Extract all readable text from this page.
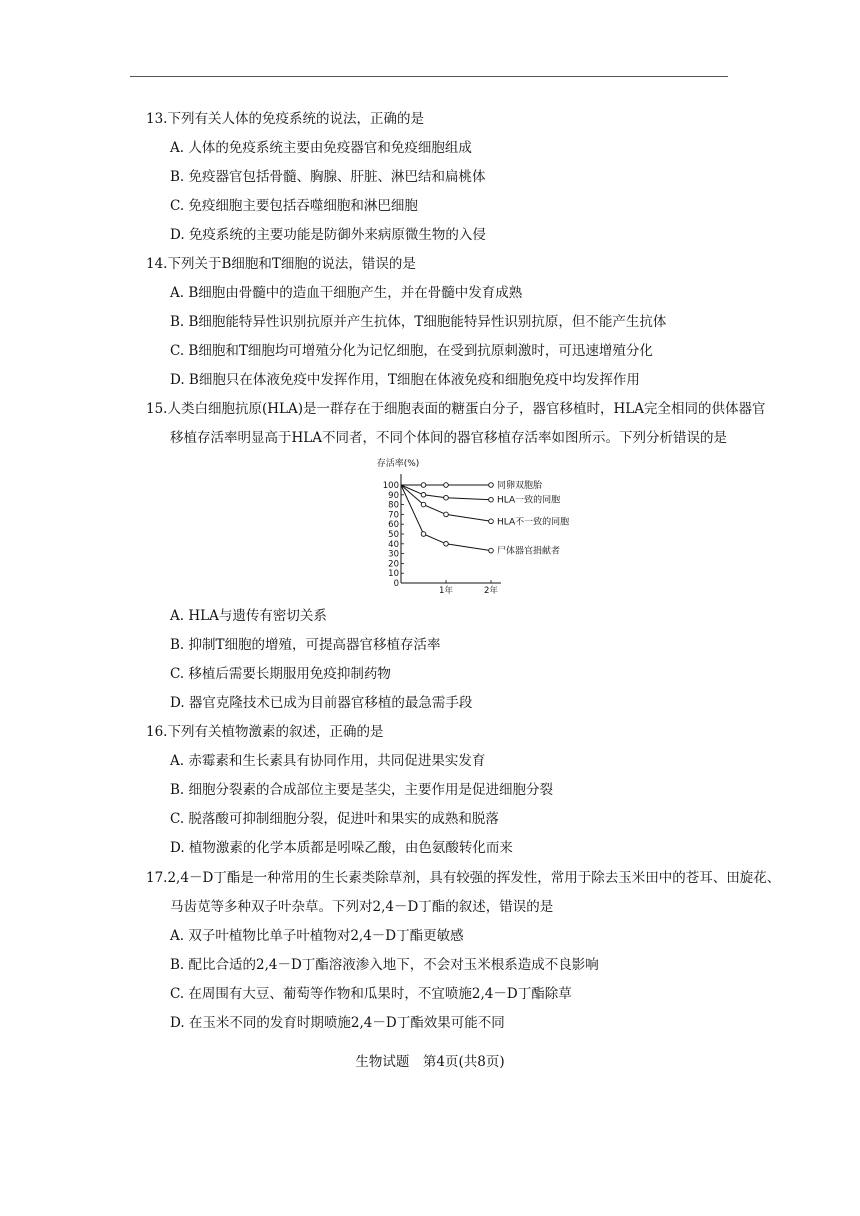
13.下列有关人体的免疫系统的说法，正确的是
A. 人体的免疫系统主要由免疫器官和免疫细胞组成
B. 免疫器官包括骨髓、胸腺、肝脏、淋巴结和扁桃体
C. 免疫细胞主要包括吞噬细胞和淋巴细胞
D. 免疫系统的主要功能是防御外来病原微生物的入侵
14.下列关于B细胞和T细胞的说法，错误的是
A. B细胞由骨髓中的造血干细胞产生，并在骨髓中发育成熟
B. B细胞能特异性识别抗原并产生抗体，T细胞能特异性识别抗原，但不能产生抗体
C. B细胞和T细胞均可增殖分化为记忆细胞，在受到抗原刺激时，可迅速增殖分化
D. B细胞只在体液免疫中发挥作用，T细胞在体液免疫和细胞免疫中均发挥作用
15.人类白细胞抗原(HLA)是一群存在于细胞表面的糖蛋白分子，器官移植时，HLA完全相同的供体器官
移植存活率明显高于HLA不同者，不同个体间的器官移植存活率如图所示。下列分析错误的是
存活率(%)
100
90
80
70
60
50
40
30
20
10
0
1年	2年
同卵双胞胎
HLA一致的同胞
HLA不一致的同胞
尸体器官捐献者
A. HLA与遗传有密切关系
B. 抑制T细胞的增殖，可提高器官移植存活率
C. 移植后需要长期服用免疫抑制药物
D. 器官克隆技术已成为目前器官移植的最急需手段
16.下列有关植物激素的叙述，正确的是
A. 赤霉素和生长素具有协同作用，共同促进果实发育
B. 细胞分裂素的合成部位主要是茎尖，主要作用是促进细胞分裂
C. 脱落酸可抑制细胞分裂，促进叶和果实的成熟和脱落
D. 植物激素的化学本质都是吲哚乙酸，由色氨酸转化而来
17.2,4－D丁酯是一种常用的生长素类除草剂，具有较强的挥发性，常用于除去玉米田中的苍耳、田旋花、
马齿苋等多种双子叶杂草。下列对2,4－D丁酯的叙述，错误的是
A. 双子叶植物比单子叶植物对2,4－D丁酯更敏感
B. 配比合适的2,4－D丁酯溶液渗入地下，不会对玉米根系造成不良影响
C. 在周围有大豆、葡萄等作物和瓜果时，不宜喷施2,4－D丁酯除草
D. 在玉米不同的发育时期喷施2,4－D丁酯效果可能不同
生物试题　第4页(共8页)
